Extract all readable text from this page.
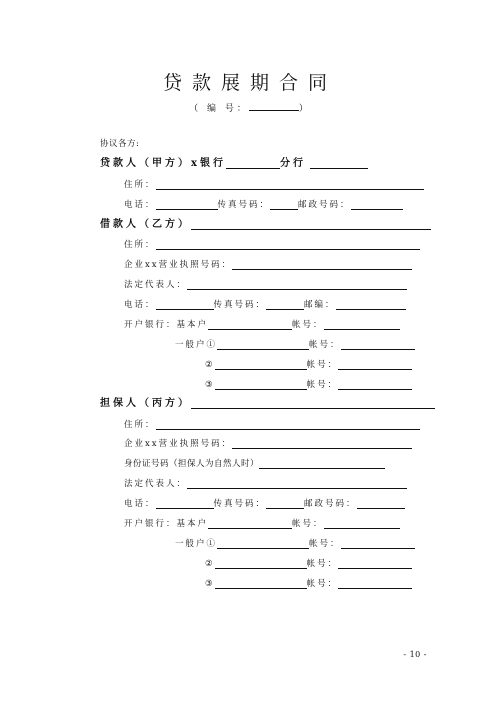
贷款展期合同
（ 编 号：	）
协议各方:
贷款人（甲方）x银行	分行
住所：
电话：	传真号码：	邮政号码：
借款人（乙方）
住所：
企业xx营业执照号码：
法定代表人：
电话：	传真号码：	邮编：
开户银行： 基本户	帐号：
一般户①	帐号：
②	帐号：
③	帐号：
担保人（丙方）
住所：
企业xx营业执照号码：
身份证号码（担保人为自然人时）
法定代表人：
电话：	传真号码：	邮政号码：
开户银行： 基本户	帐号：
一般户①	帐号：
②	帐号：
③	帐号：
- 10 -
